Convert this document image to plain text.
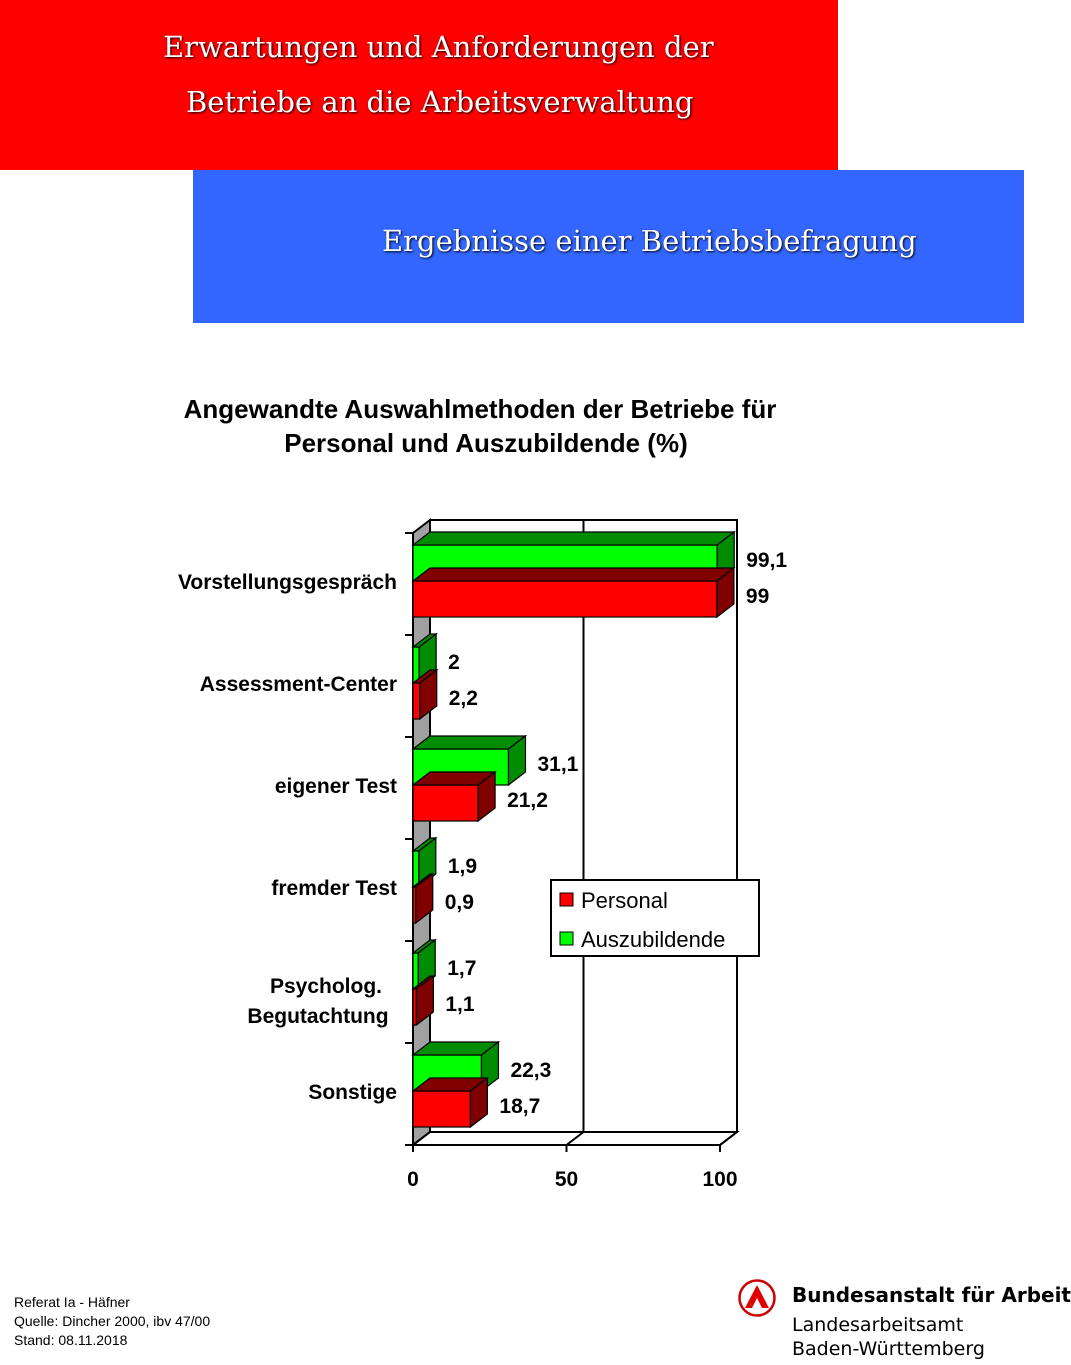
Erwartungen und Anforderungen der
Betriebe an die Arbeitsverwaltung
Ergebnisse einer Betriebsbefragung
Angewandte Auswahlmethoden der Betriebe für
Personal und Auszubildende (%)
0	50	100
99,1
99
Vorstellungsgespräch
2
2,2
Assessment-Center
31,1
21,2
eigener Test
1,9
0,9
fremder Test
1,7
1,1
Psycholog.
Begutachtung
22,3
18,7
Sonstige
Personal
Auszubildende
Referat Ia - Häfner
Quelle: Dincher 2000, ibv 47/00
Stand: 08.11.2018
Bundesanstalt für Arbeit
Landesarbeitsamt
Baden-Württemberg
